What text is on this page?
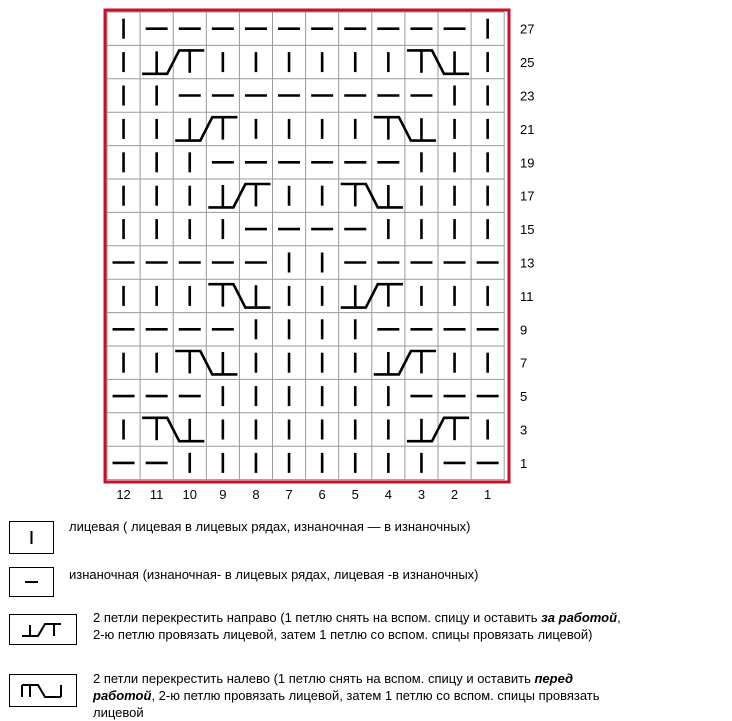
27
25
23
21
19
17
15
13
11
9
7
5
3
1
12 11 10 9 8 7 6 5 4 3 2 1
лицевая ( лицевая в лицевых рядах, изнаночная — в изнаночных)
изнаночная (изнаночная- в лицевых рядах, лицевая -в изнаночных)
2 петли перекрестить направо (1 петлю снять на вспом. спицу и оставить за работой,
2-ю петлю провязать лицевой, затем 1 петлю со вспом. спицы провязать лицевой)
2 петли перекрестить налево (1 петлю снять на вспом. спицу и оставить перед
работой, 2-ю петлю провязать лицевой, затем 1 петлю со вспом. спицы провязать
лицевой
